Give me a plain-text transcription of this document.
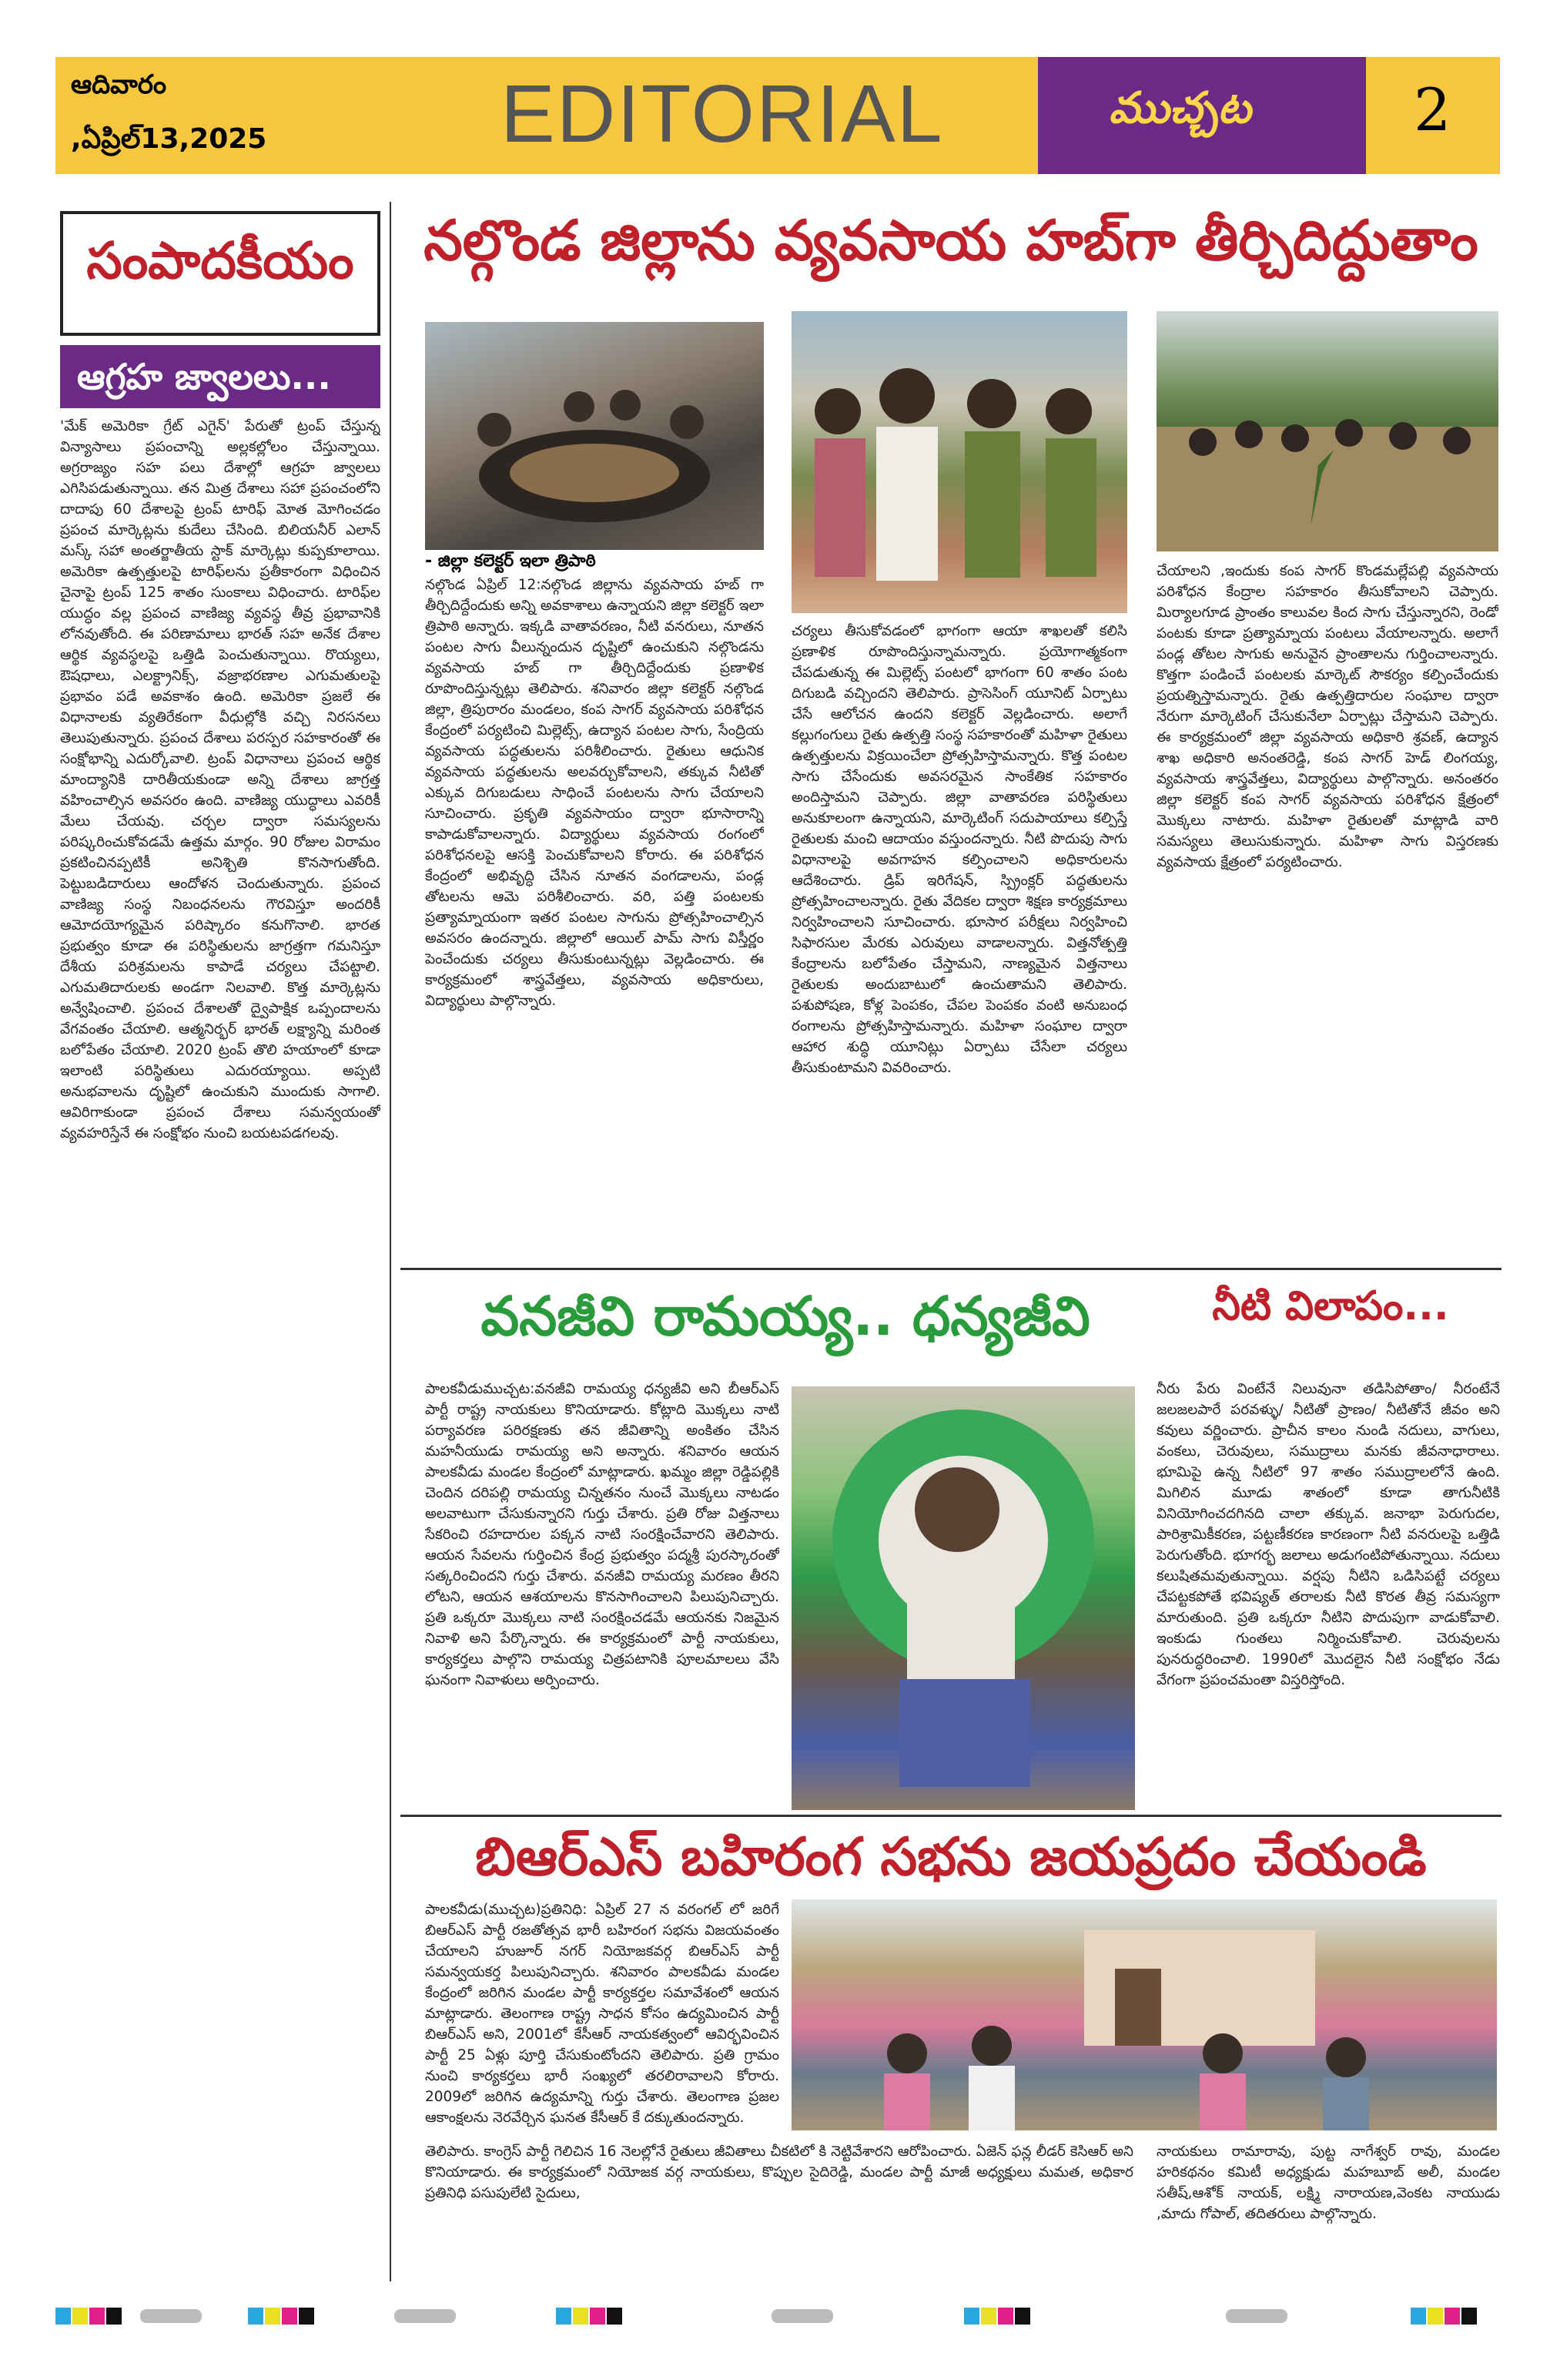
ఆదివారం
,ఏప్రిల్13,2025	EDITORIAL	ముచ్చట	2
సంపాదకీయం
ఆగ్రహ జ్వాలలు...
'మేక్ అమెరికా గ్రేట్ ఎగైన్' పేరుతో ట్రంప్ చేస్తున్న విన్యాసాలు ప్రపంచాన్ని అల్లకల్లోలం చేస్తున్నాయి. అగ్రరాజ్యం సహ పలు దేశాల్లో ఆగ్రహ జ్వాలలు ఎగిసిపడుతున్నాయి. తన మిత్ర దేశాలు సహా ప్రపంచంలోని దాదాపు 60 దేశాలపై ట్రంప్ టారిఫ్ మోత మోగించడం ప్రపంచ మార్కెట్లను కుదేలు చేసింది. బిలియనీర్ ఎలాన్ మస్క్ సహా అంతర్జాతీయ స్టాక్ మార్కెట్లు కుప్పకూలాయి. అమెరికా ఉత్పత్తులపై టారిఫ్‌లను ప్రతీకారంగా విధించిన చైనాపై ట్రంప్ 125 శాతం సుంకాలు విధించారు. టారిఫ్‌ల యుద్ధం వల్ల ప్రపంచ వాణిజ్య వ్యవస్థ తీవ్ర ప్రభావానికి లోనవుతోంది. ఈ పరిణామాలు భారత్ సహ అనేక దేశాల ఆర్థిక వ్యవస్థలపై ఒత్తిడి పెంచుతున్నాయి. రొయ్యలు, ఔషధాలు, ఎలక్ట్రానిక్స్, వజ్రాభరణాల ఎగుమతులపై ప్రభావం పడే అవకాశం ఉంది. అమెరికా ప్రజలే ఈ విధానాలకు వ్యతిరేకంగా వీధుల్లోకి వచ్చి నిరసనలు తెలుపుతున్నారు. ప్రపంచ దేశాలు పరస్పర సహకారంతో ఈ సంక్షోభాన్ని ఎదుర్కోవాలి. ట్రంప్ విధానాలు ప్రపంచ ఆర్థిక మాంద్యానికి దారితీయకుండా అన్ని దేశాలు జాగ్రత్త వహించాల్సిన అవసరం ఉంది. వాణిజ్య యుద్ధాలు ఎవరికీ మేలు చేయవు. చర్చల ద్వారా సమస్యలను పరిష్కరించుకోవడమే ఉత్తమ మార్గం. 90 రోజుల విరామం ప్రకటించినప్పటికీ అనిశ్చితి కొనసాగుతోంది. పెట్టుబడిదారులు ఆందోళన చెందుతున్నారు. ప్రపంచ వాణిజ్య సంస్థ నిబంధనలను గౌరవిస్తూ అందరికీ ఆమోదయోగ్యమైన పరిష్కారం కనుగొనాలి. భారత ప్రభుత్వం కూడా ఈ పరిస్థితులను జాగ్రత్తగా గమనిస్తూ దేశీయ పరిశ్రమలను కాపాడే చర్యలు చేపట్టాలి. ఎగుమతిదారులకు అండగా నిలవాలి. కొత్త మార్కెట్లను అన్వేషించాలి. ప్రపంచ దేశాలతో ద్వైపాక్షిక ఒప్పందాలను వేగవంతం చేయాలి. ఆత్మనిర్భర్ భారత్ లక్ష్యాన్ని మరింత బలోపేతం చేయాలి. 2020 ట్రంప్ తొలి హయాంలో కూడా ఇలాంటి పరిస్థితులు ఎదురయ్యాయి. అప్పటి అనుభవాలను దృష్టిలో ఉంచుకుని ముందుకు సాగాలి. ఆవిరిగాకుండా ప్రపంచ దేశాలు సమన్వయంతో వ్యవహరిస్తేనే ఈ సంక్షోభం నుంచి బయటపడగలవు.
నల్గొండ జిల్లాను వ్యవసాయ హబ్‌గా తీర్చిదిద్దుతాం
- జిల్లా కలెక్టర్ ఇలా త్రిపాఠి
నల్గొండ ఏప్రిల్ 12:నల్గొండ జిల్లాను వ్యవసాయ హబ్ గా తీర్చిదిద్దేందుకు అన్ని అవకాశాలు ఉన్నాయని జిల్లా కలెక్టర్ ఇలా త్రిపాఠి అన్నారు. ఇక్కడి వాతావరణం, నీటి వనరులు, నూతన పంటల సాగు వీలున్నందున దృష్టిలో ఉంచుకుని నల్గొండను వ్యవసాయ హబ్ గా తీర్చిదిద్దేందుకు ప్రణాళిక రూపొందిస్తున్నట్లు తెలిపారు. శనివారం జిల్లా కలెక్టర్ నల్గొండ జిల్లా, త్రిపురారం మండలం, కంప సాగర్ వ్యవసాయ పరిశోధన కేంద్రంలో పర్యటించి మిల్లెట్స్, ఉద్యాన పంటల సాగు, సేంద్రియ వ్యవసాయ పద్ధతులను పరిశీలించారు. రైతులు ఆధునిక వ్యవసాయ పద్ధతులను అలవర్చుకోవాలని, తక్కువ నీటితో ఎక్కువ దిగుబడులు సాధించే పంటలను సాగు చేయాలని సూచించారు. ప్రకృతి వ్యవసాయం ద్వారా భూసారాన్ని కాపాడుకోవాలన్నారు. విద్యార్థులు వ్యవసాయ రంగంలో పరిశోధనలపై ఆసక్తి పెంచుకోవాలని కోరారు. ఈ పరిశోధన కేంద్రంలో అభివృద్ధి చేసిన నూతన వంగడాలను, పండ్ల తోటలను ఆమె పరిశీలించారు. వరి, పత్తి పంటలకు ప్రత్యామ్నాయంగా ఇతర పంటల సాగును ప్రోత్సహించాల్సిన అవసరం ఉందన్నారు. జిల్లాలో ఆయిల్ పామ్ సాగు విస్తీర్ణం పెంచేందుకు చర్యలు తీసుకుంటున్నట్లు వెల్లడించారు. ఈ కార్యక్రమంలో శాస్త్రవేత్తలు, వ్యవసాయ అధికారులు, విద్యార్థులు పాల్గొన్నారు.
చర్యలు తీసుకోవడంలో భాగంగా ఆయా శాఖలతో కలిసి ప్రణాళిక రూపొందిస్తున్నామన్నారు. ప్రయోగాత్మకంగా చేపడుతున్న ఈ మిల్లెట్స్ పంటలో భాగంగా 60 శాతం పంట దిగుబడి వచ్చిందని తెలిపారు. ప్రాసెసింగ్ యూనిట్ ఏర్పాటు చేసే ఆలోచన ఉందని కలెక్టర్ వెల్లడించారు. అలాగే కల్లుగంగులు రైతు ఉత్పత్తి సంస్థ సహకారంతో మహిళా రైతులు ఉత్పత్తులను విక్రయించేలా ప్రోత్సహిస్తామన్నారు. కొత్త పంటల సాగు చేసేందుకు అవసరమైన సాంకేతిక సహకారం అందిస్తామని చెప్పారు. జిల్లా వాతావరణ పరిస్థితులు అనుకూలంగా ఉన్నాయని, మార్కెటింగ్ సదుపాయాలు కల్పిస్తే రైతులకు మంచి ఆదాయం వస్తుందన్నారు. నీటి పొదుపు సాగు విధానాలపై అవగాహన కల్పించాలని అధికారులను ఆదేశించారు. డ్రిప్ ఇరిగేషన్, స్ప్రింక్లర్ పద్ధతులను ప్రోత్సహించాలన్నారు. రైతు వేదికల ద్వారా శిక్షణ కార్యక్రమాలు నిర్వహించాలని సూచించారు. భూసార పరీక్షలు నిర్వహించి సిఫారసుల మేరకు ఎరువులు వాడాలన్నారు. విత్తనోత్పత్తి కేంద్రాలను బలోపేతం చేస్తామని, నాణ్యమైన విత్తనాలు రైతులకు అందుబాటులో ఉంచుతామని తెలిపారు. పశుపోషణ, కోళ్ల పెంపకం, చేపల పెంపకం వంటి అనుబంధ రంగాలను ప్రోత్సహిస్తామన్నారు. మహిళా సంఘాల ద్వారా ఆహార శుద్ధి యూనిట్లు ఏర్పాటు చేసేలా చర్యలు తీసుకుంటామని వివరించారు.
చేయాలని ,ఇందుకు కంప సాగర్ కొండమల్లేపల్లి వ్యవసాయ పరిశోధన కేంద్రాల సహకారం తీసుకోవాలని చెప్పారు. మిర్యాలగూడ ప్రాంతం కాలువల కింద సాగు చేస్తున్నారని, రెండో పంటకు కూడా ప్రత్యామ్నాయ పంటలు వేయాలన్నారు. అలాగే పండ్ల తోటల సాగుకు అనువైన ప్రాంతాలను గుర్తించాలన్నారు. కొత్తగా పండించే పంటలకు మార్కెట్ సౌకర్యం కల్పించేందుకు ప్రయత్నిస్తామన్నారు. రైతు ఉత్పత్తిదారుల సంఘాల ద్వారా నేరుగా మార్కెటింగ్ చేసుకునేలా ఏర్పాట్లు చేస్తామని చెప్పారు. ఈ కార్యక్రమంలో జిల్లా వ్యవసాయ అధికారి శ్రవణ్, ఉద్యాన శాఖ అధికారి అనంతరెడ్డి, కంప సాగర్ హెడ్ లింగయ్య, వ్యవసాయ శాస్త్రవేత్తలు, విద్యార్థులు పాల్గొన్నారు. అనంతరం జిల్లా కలెక్టర్ కంప సాగర్ వ్యవసాయ పరిశోధన క్షేత్రంలో మొక్కలు నాటారు. మహిళా రైతులతో మాట్లాడి వారి సమస్యలు తెలుసుకున్నారు. మహిళా సాగు విస్తరణకు వ్యవసాయ క్షేత్రంలో పర్యటించారు.
వనజీవి రామయ్య.. ధన్యజీవి	నీటి విలాపం...
పాలకవీడుముచ్చట:వనజీవి రామయ్య ధన్యజీవి అని బీఆర్ఎస్ పార్టీ రాష్ట్ర నాయకులు కొనియాడారు. కోట్లాది మొక్కలు నాటి పర్యావరణ పరిరక్షణకు తన జీవితాన్ని అంకితం చేసిన మహనీయుడు రామయ్య అని అన్నారు. శనివారం ఆయన పాలకవీడు మండల కేంద్రంలో మాట్లాడారు. ఖమ్మం జిల్లా రెడ్డిపల్లికి చెందిన దరిపల్లి రామయ్య చిన్నతనం నుంచే మొక్కలు నాటడం అలవాటుగా చేసుకున్నారని గుర్తు చేశారు. ప్రతి రోజు విత్తనాలు సేకరించి రహదారుల పక్కన నాటి సంరక్షించేవారని తెలిపారు. ఆయన సేవలను గుర్తించిన కేంద్ర ప్రభుత్వం పద్మశ్రీ పురస్కారంతో సత్కరించిందని గుర్తు చేశారు. వనజీవి రామయ్య మరణం తీరని లోటని, ఆయన ఆశయాలను కొనసాగించాలని పిలుపునిచ్చారు. ప్రతి ఒక్కరూ మొక్కలు నాటి సంరక్షించడమే ఆయనకు నిజమైన నివాళి అని పేర్కొన్నారు. ఈ కార్యక్రమంలో పార్టీ నాయకులు, కార్యకర్తలు పాల్గొని రామయ్య చిత్రపటానికి పూలమాలలు వేసి ఘనంగా నివాళులు అర్పించారు.
నీరు పేరు వింటేనే నిలువునా తడిసిపోతాం/ నీరంటేనే జలజలపారే పరవళ్ళు/ నీటితో ప్రాణం/ నీటితోనే జీవం అని కవులు వర్ణించారు. ప్రాచీన కాలం నుండి నదులు, వాగులు, వంకలు, చెరువులు, సముద్రాలు మనకు జీవనాధారాలు. భూమిపై ఉన్న నీటిలో 97 శాతం సముద్రాలలోనే ఉంది. మిగిలిన మూడు శాతంలో కూడా తాగునీటికి వినియోగించదగినది చాలా తక్కువ. జనాభా పెరుగుదల, పారిశ్రామికీకరణ, పట్టణీకరణ కారణంగా నీటి వనరులపై ఒత్తిడి పెరుగుతోంది. భూగర్భ జలాలు అడుగంటిపోతున్నాయి. నదులు కలుషితమవుతున్నాయి. వర్షపు నీటిని ఒడిసిపట్టే చర్యలు చేపట్టకపోతే భవిష్యత్ తరాలకు నీటి కొరత తీవ్ర సమస్యగా మారుతుంది. ప్రతి ఒక్కరూ నీటిని పొదుపుగా వాడుకోవాలి. ఇంకుడు గుంతలు నిర్మించుకోవాలి. చెరువులను పునరుద్ధరించాలి. 1990లో మొదలైన నీటి సంక్షోభం నేడు వేగంగా ప్రపంచమంతా విస్తరిస్తోంది.
బిఆర్ఎస్ బహిరంగ సభను జయప్రదం చేయండి
పాలకవీడు(ముచ్చట)ప్రతినిధి: ఏప్రిల్ 27 న వరంగల్ లో జరిగే బిఆర్ఎస్ పార్టీ రజతోత్సవ భారీ బహిరంగ సభను విజయవంతం చేయాలని హుజూర్ నగర్ నియోజకవర్గ బిఆర్ఎస్ పార్టీ సమన్వయకర్త పిలుపునిచ్చారు. శనివారం పాలకవీడు మండల కేంద్రంలో జరిగిన మండల పార్టీ కార్యకర్తల సమావేశంలో ఆయన మాట్లాడారు. తెలంగాణ రాష్ట్ర సాధన కోసం ఉద్యమించిన పార్టీ బిఆర్ఎస్ అని, 2001లో కేసీఆర్ నాయకత్వంలో ఆవిర్భవించిన పార్టీ 25 ఏళ్లు పూర్తి చేసుకుంటోందని తెలిపారు. ప్రతి గ్రామం నుంచి కార్యకర్తలు భారీ సంఖ్యలో తరలిరావాలని కోరారు. 2009లో జరిగిన ఉద్యమాన్ని గుర్తు చేశారు. తెలంగాణ ప్రజల ఆకాంక్షలను నెరవేర్చిన ఘనత కేసీఆర్ కే దక్కుతుందన్నారు.
తెలిపారు. కాంగ్రెస్ పార్టీ గెలిచిన 16 నెలల్లోనే రైతులు జీవితాలు చీకటిలో కి నెట్టివేశారని ఆరోపించారు. ఏజెన్ ఫన్ల లీడర్ కెసిఆర్ అని కొనియాడారు. ఈ కార్యక్రమంలో నియోజక వర్గ నాయకులు, కొప్పుల సైదిరెడ్డి, మండల పార్టీ మాజీ అధ్యక్షులు మమత, అధికార ప్రతినిధి పసుపులేటి సైదులు,
నాయకులు రామారావు, పుట్ట నాగేశ్వర్ రావు, మండల హరికథనం కమిటీ అధ్యక్షుడు మహబూబ్ అలీ, మండల సతీష్,ఆశోక్ నాయక్, లక్ష్మి నారాయణ,వెంకట నాయుడు ,మాదు గోపాల్, తదితరులు పాల్గొన్నారు.
